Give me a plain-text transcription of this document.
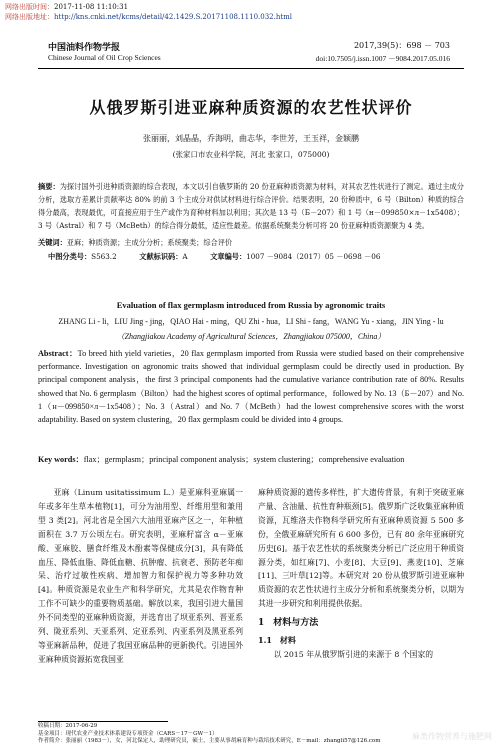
网络出版时间：2017-11-08 11:10:31
网络出版地址：http://kns.cnki.net/kcms/detail/42.1429.S.20171108.1110.032.html
中国油料作物学报
Chinese Journal of Oil Crop Sciences
2017,39(5)：698 － 703
doi:10.7505/j.issn.1007 －9084.2017.05.016
从俄罗斯引进亚麻种质资源的农艺性状评价
张丽丽，刘晶晶，乔海明，曲志华，李世芳，王玉祥，金颖鹏
(张家口市农业科学院，河北 张家口，075000)
摘要：为探讨国外引进种质资源的综合表现，本文以引自俄罗斯的 20 份亚麻种质资源为材料，对其农艺性状进行了测定。通过主成分分析，选取方差累计贡献率达 80% 的前 3 个主成分对供试材料进行综合评价。结果表明，20 份种质中，6 号（Bilton）种质的综合得分最高，表现最优，可直接应用于生产或作为育种材料加以利用；其次是 13 号（Б－207）和 1 号（н－099850×л－1х5408）；3 号（Astral）和 7 号（McBeth）的综合得分最低，适应性最差。依据系统聚类分析可将 20 份亚麻种质资源聚为 4 类。
关键词：亚麻；种质资源；主成分分析；系统聚类；综合评价
中图分类号：S563.2	文献标识码：A	文章编号：1007 －9084（2017）05 －0698 －06
Evaluation of flax germplasm introduced from Russia by agronomic traits
ZHANG Li - li，LIU Jing - jing，QIAO Hai - ming，QU Zhi - hua，LI Shi - fang，WANG Yu - xiang，JIN Ying - lu
（Zhangjiakou Academy of Agricultural Sciences，Zhangjiakou 075000，China）
Abstract：To breed hith yield varieties，20 flax germplasm imported from Russia were studied based on their comprehensive performance. Investigation on agronomic traits showed that individual germplasm could be directly used in production. By principal component analysis，the first 3 principal components had the cumulative variance contribution rate of 80%. Results showed that No. 6 germplasm（Bilton）had the highest scores of optimal performance，followed by No. 13（Б－207）and No. 1（н－099850×л－1х5408）；No. 3（Astral）and No. 7（McBeth）had the lowest comprehensive scores with the worst adaptability. Based on system clustering，20 flax germplasm could be divided into 4 groups.
Key words：flax；germplasm；principal component analysis；system clustering；comprehensive evaluation
亚麻（Linum usitatissimum L.）是亚麻科亚麻属一年或多年生草本植物[1]，可分为油用型、纤维用型和兼用型 3 类[2]。河北省是全国六大油用亚麻产区之一，年种植面积在 3.7 万公顷左右。研究表明，亚麻籽富含 α－亚麻酸、亚麻胶、膳食纤维及木酚素等保健成分[3]，具有降低血压、降低血脂、降低血糖、抗肿瘤、抗衰老、预防老年痴呆、治疗过敏性疾病、增加智力和保护视力等多种功效[4]。种质资源是农业生产和科学研究，尤其是农作物育种工作不可缺少的重要物质基础。解放以来，我国引进大量国外不同类型的亚麻种质资源，并选育出了坝亚系列、晋亚系列、陇亚系列、天亚系列、定亚系列、内亚系列及黑亚系列等亚麻新品种，促进了我国亚麻品种的更新换代。引进国外亚麻种质资源拓宽我国亚
麻种质资源的遗传多样性，扩大遗传背景，有利于突破亚麻产量、含油量、抗性育种瓶颈[5]。俄罗斯广泛收集亚麻种质资源，瓦维洛夫作物科学研究所有亚麻种质资源 5 500 多份，全俄亚麻研究所有 6 600 多份，已有 80 余年亚麻研究历史[6]。基于农艺性状的系统聚类分析已广泛应用于种质资源分类，如红麻[7]、小麦[8]、大豆[9]、燕麦[10]、芝麻[11]、三叶草[12]等。本研究对 20 份从俄罗斯引进亚麻种质资源的农艺性状进行主成分分析和系统聚类分析，以期为其进一步研究和利用提供依据。
1　材料与方法
1.1　材料
以 2015 年从俄罗斯引进的来源于 8 个国家的
收稿日期：2017-06-29
基金项目：现代农业产业技术体系建设专项资金（CARS－17－GW－1）
作者简介：张丽丽（1983－），女，河北保定人，助理研究员，硕士，主要从事胡麻育种与栽培技术研究，E－mail：zhangli57@126.com	麻类作物营养与施肥网
